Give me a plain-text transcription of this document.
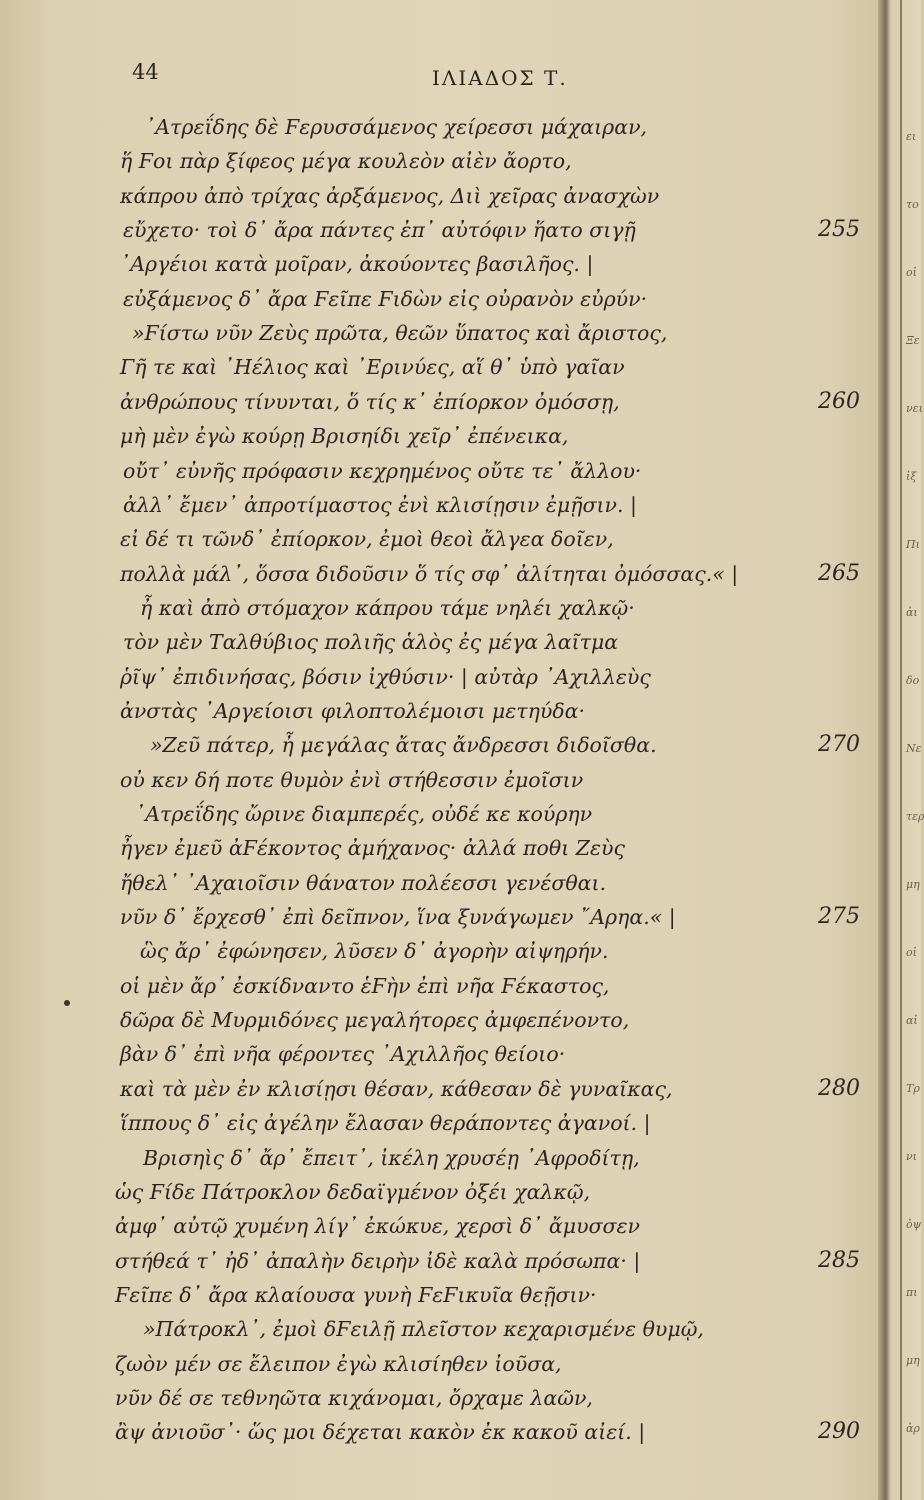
44	ΙΛΙΑΔΟΣ Τ.
᾽Ατρεΐδης δὲ Ϝερυσσάμενος χείρεσσι μάχαιραν,
ἥ Ϝοι πὰρ ξίφεος μέγα κουλεὸν αἰὲν ἄορτο,
κάπρου ἀπὸ τρίχας ἀρξάμενος, Διὶ χεῖρας ἀνασχὼν
εὔχετο· τοὶ δ᾽ ἄρα πάντες ἐπ᾽ αὐτόφιν ἥατο σιγῇ	255
᾽Αργέιοι κατὰ μοῖραν, ἀκούοντες βασιλῆος. |
εὐξάμενος δ᾽ ἄρα Ϝεῖπε Ϝιδὼν εἰς οὐρανὸν εὐρύν·
»Ϝίστω νῦν Ζεὺς πρῶτα, θεῶν ὕπατος καὶ ἄριστος,
Γῆ τε καὶ ᾽Ηέλιος καὶ ᾽Ερινύες, αἵ θ᾽ ὑπὸ γαῖαν
ἀνθρώπους τίνυνται, ὅ τίς κ᾽ ἐπίορκον ὀμόσσῃ,	260
μὴ μὲν ἐγὼ κούρῃ Βρισηίδι χεῖρ᾽ ἐπένεικα,
οὔτ᾽ εὐνῆς πρόφασιν κεχρημένος οὔτε τε᾽ ἄλλου·
ἀλλ᾽ ἔμεν᾽ ἀπροτίμαστος ἐνὶ κλισίῃσιν ἐμῇσιν. |
εἰ δέ τι τῶνδ᾽ ἐπίορκον, ἐμοὶ θεοὶ ἄλγεα δοῖεν,
πολλὰ μάλ᾽, ὅσσα διδοῦσιν ὅ τίς σφ᾽ ἀλίτηται ὀμόσσας.« |	265
ἦ καὶ ἀπὸ στόμαχον κάπρου τάμε νηλέι χαλκῷ·
τὸν μὲν Ταλθύβιος πολιῆς ἁλὸς ἐς μέγα λαῖτμα
ῥῖψ᾽ ἐπιδινήσας, βόσιν ἰχθύσιν· | αὐτὰρ ᾽Αχιλλεὺς
ἀνστὰς ᾽Αργείοισι φιλοπτολέμοισι μετηύδα·
»Ζεῦ πάτερ, ἦ μεγάλας ἄτας ἄνδρεσσι διδοῖσθα.	270
οὐ κεν δή ποτε θυμὸν ἐνὶ στήθεσσιν ἐμοῖσιν
᾽Ατρεΐδης ὤρινε διαμπερές, οὐδέ κε κούρην
ἦγεν ἐμεῦ ἀϜέκοντος ἀμήχανος· ἀλλά ποθι Ζεὺς
ἤθελ᾽ ᾽Αχαιοῖσιν θάνατον πολέεσσι γενέσθαι.
νῦν δ᾽ ἔρχεσθ᾽ ἐπὶ δεῖπνον, ἵνα ξυνάγωμεν ῎Αρηα.« |	275
ὣς ἄρ᾽ ἐφώνησεν, λῦσεν δ᾽ ἀγορὴν αἰψηρήν.
οἱ μὲν ἄρ᾽ ἐσκίδναντο ἑϜὴν ἐπὶ νῆα Ϝέκαστος,
δῶρα δὲ Μυρμιδόνες μεγαλήτορες ἀμφεπένοντο,
βὰν δ᾽ ἐπὶ νῆα φέροντες ᾽Αχιλλῆος θείοιο·
καὶ τὰ μὲν ἐν κλισίῃσι θέσαν, κάθεσαν δὲ γυναῖκας,	280
ἵππους δ᾽ εἰς ἀγέλην ἔλασαν θεράποντες ἀγανοί. |
Βρισηὶς δ᾽ ἄρ᾽ ἔπειτ᾽, ἰκέλη χρυσέῃ ᾽Αφροδίτῃ,
ὡς Ϝίδε Πάτροκλον δεδαϊγμένον ὀξέι χαλκῷ,
ἀμφ᾽ αὐτῷ χυμένη λίγ᾽ ἐκώκυε, χερσὶ δ᾽ ἄμυσσεν
στήθεά τ᾽ ἠδ᾽ ἀπαλὴν δειρὴν ἰδὲ καλὰ πρόσωπα· |	285
Ϝεῖπε δ᾽ ἄρα κλαίουσα γυνὴ ϜεϜικυῖα θεῇσιν·
»Πάτροκλ᾽, ἐμοὶ δϜειλῇ πλεῖστον κεχαρισμένε θυμῷ,
ζωὸν μέν σε ἔλειπον ἐγὼ κλισίηθεν ἰοῦσα,
νῦν δέ σε τεθνηῶτα κιχάνομαι, ὄρχαμε λαῶν,
ἂψ ἀνιοῦσ᾽· ὥς μοι δέχεται κακὸν ἐκ κακοῦ αἰεί. |	290
ει
το
οἱ
Ξε
νει
ἰξ
Πι
ἀι
δο
Νε
τερ
μη
οἱ
αἰ
Τρ
νι
ὀψ
πι
μη
ἀρ
